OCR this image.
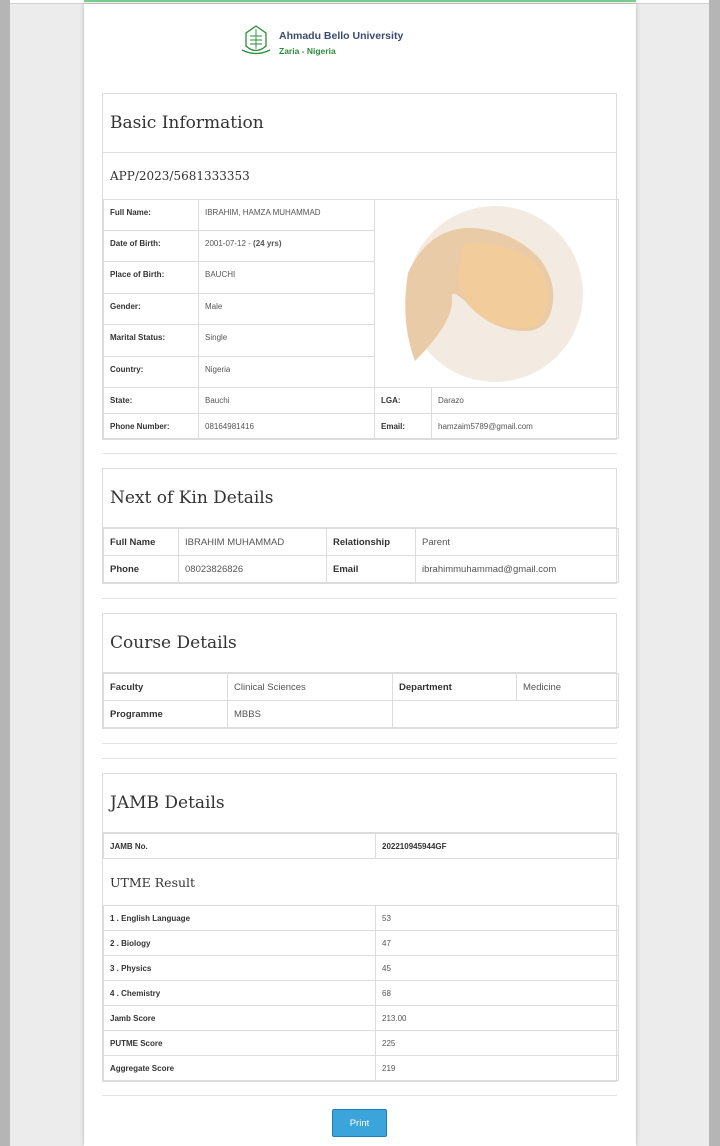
Ahmadu Bello University
Zaria - Nigeria
Basic Information
APP/2023/5681333353
Full Name:	IBRAHIM, HAMZA MUHAMMAD	

Date of Birth:	2001-07-12 - (24 yrs)		
Place of Birth:	BAUCHI		
Gender:	Male		
Marital Status:	Single		
Country:	Nigeria		
State:	Bauchi	LGA:	Darazo
Phone Number:	08164981416	Email:	hamzaim5789@gmail.com
Next of Kin Details
Full Name	IBRAHIM MUHAMMAD	Relationship	Parent
Phone	08023826826	Email	ibrahimmuhammad@gmail.com
Course Details
Faculty	Clinical Sciences	Department	Medicine
Programme	MBBS		
JAMB Details
JAMB No.	202210945944GF
UTME Result
1 . English Language	53
2 . Biology	47
3 . Physics	45
4 . Chemistry	68
Jamb Score	213.00
PUTME Score	225
Aggregate Score	219
Print
